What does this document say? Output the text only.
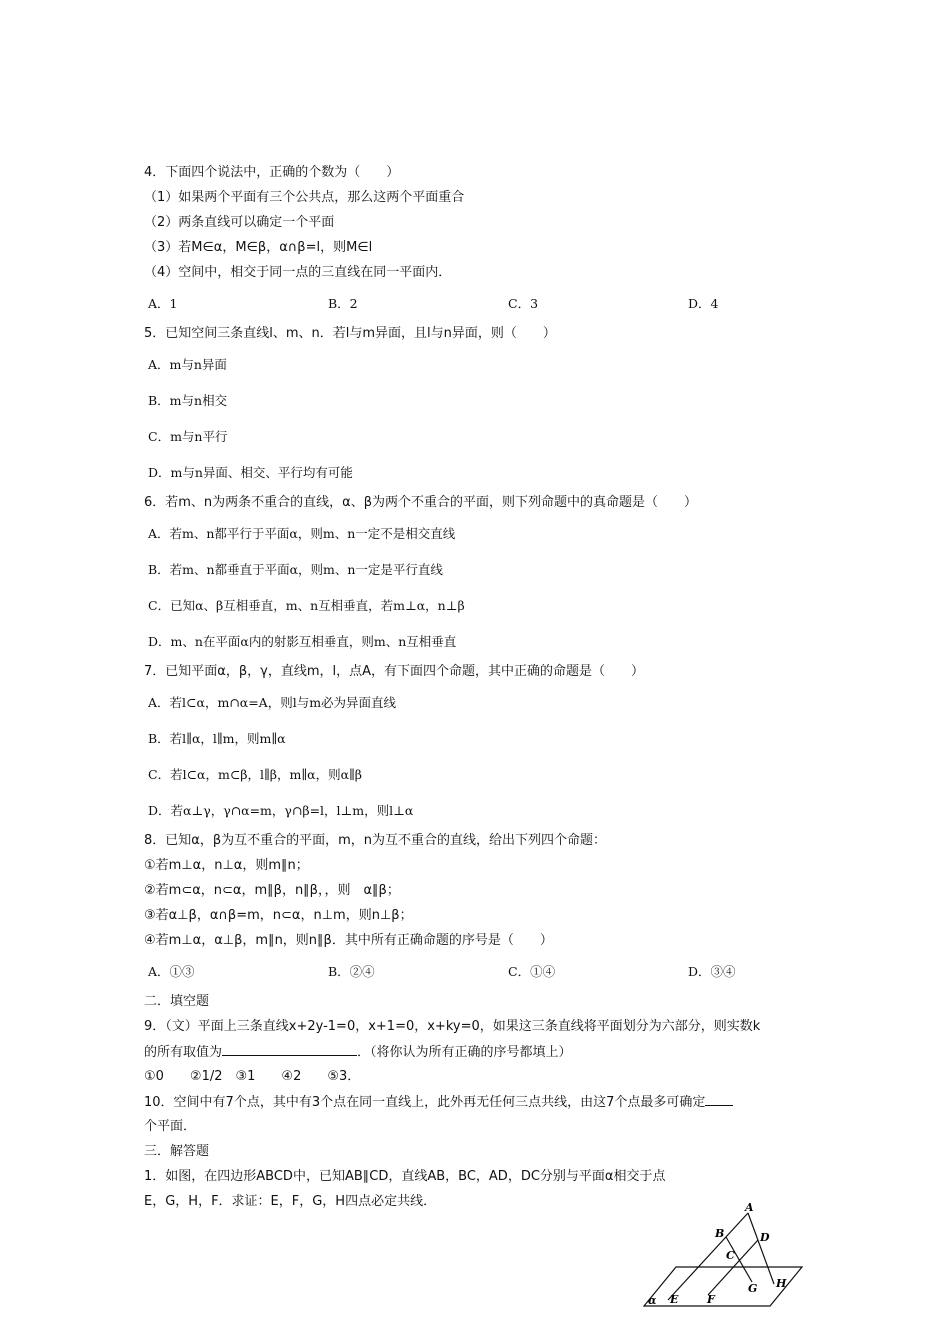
4．下面四个说法中，正确的个数为（　　）
（1）如果两个平面有三个公共点，那么这两个平面重合
（2）两条直线可以确定一个平面
（3）若M∈α，M∈β，α∩β=l，则M∈l
（4）空间中，相交于同一点的三直线在同一平面内．
A．1	B．2	C．3	D．4
5．已知空间三条直线l、m、n．若l与m异面，且l与n异面，则（　　）
A．m与n异面
B．m与n相交
C．m与n平行
D．m与n异面、相交、平行均有可能
6．若m、n为两条不重合的直线，α、β为两个不重合的平面，则下列命题中的真命题是（　　）
A．若m、n都平行于平面α，则m、n一定不是相交直线
B．若m、n都垂直于平面α，则m、n一定是平行直线
C．已知α、β互相垂直，m、n互相垂直，若m⊥α，n⊥β
D．m、n在平面α内的射影互相垂直，则m、n互相垂直
7．已知平面α，β，γ，直线m，l，点A，有下面四个命题，其中正确的命题是（　　）
A．若l⊂α，m∩α=A，则l与m必为异面直线
B．若l∥α，l∥m，则m∥α
C．若l⊂α，m⊂β，l∥β，m∥α，则α∥β
D．若α⊥γ，γ∩α=m，γ∩β=l，l⊥m，则l⊥α
8．已知α，β为互不重合的平面，m，n为互不重合的直线，给出下列四个命题：
①若m⊥α，n⊥α，则m∥n；
②若m⊂α，n⊂α，m∥β，n∥β，，则　α∥β；
③若α⊥β，α∩β=m，n⊂α，n⊥m，则n⊥β；
④若m⊥α，α⊥β，m∥n，则n∥β．其中所有正确命题的序号是（　　）
A．①③	B．②④	C．①④	D．③④
二．填空题
9．（文）平面上三条直线x+2y-1=0，x+1=0，x+ky=0，如果这三条直线将平面划分为六部分，则实数k
的所有取值为	．（将你认为所有正确的序号都填上）
①0　　②1/2　③1　　④2　　⑤3．
10．空间中有7个点，其中有3个点在同一直线上，此外再无任何三点共线，由这7个点最多可确定
个平面．
三．解答题
1．如图，在四边形ABCD中，已知AB∥CD，直线AB，BC，AD，DC分别与平面α相交于点
E，G，H，F．求证：E，F，G，H四点必定共线．	A
B	D
C
H
G
E	F
α
